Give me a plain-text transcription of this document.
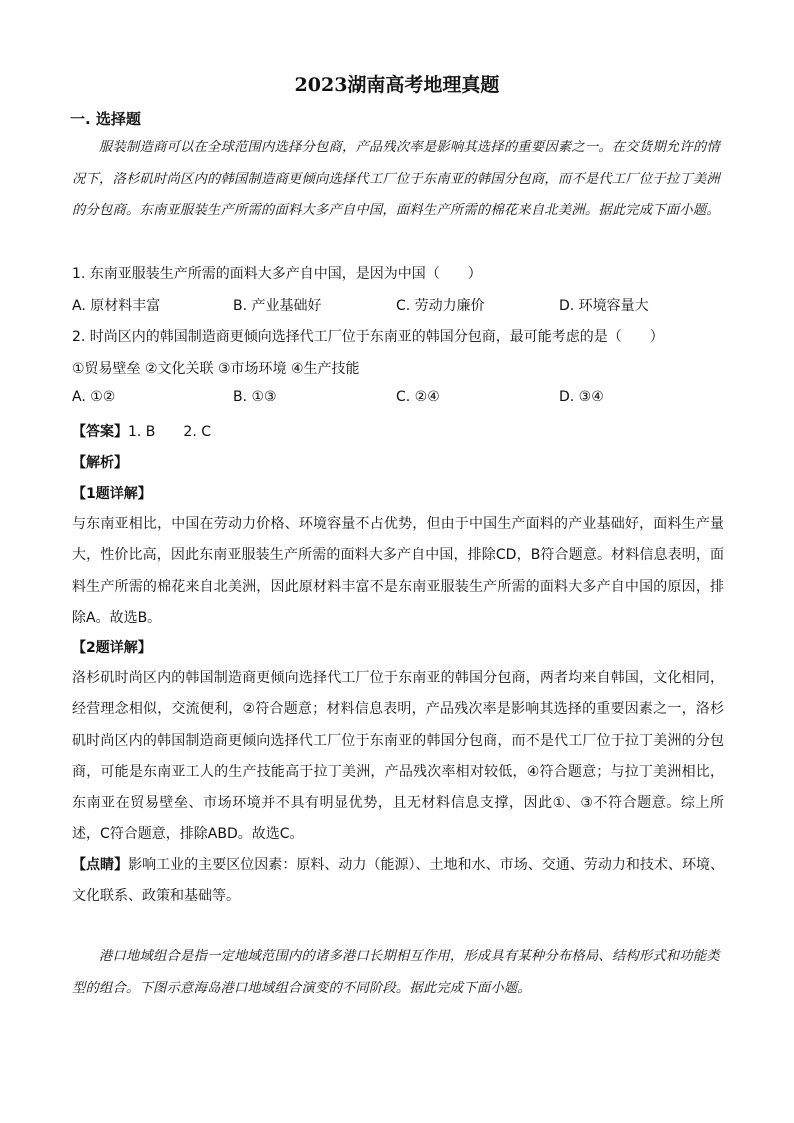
2023湖南高考地理真题
一. 选择题
服装制造商可以在全球范围内选择分包商，产品残次率是影响其选择的重要因素之一。在交货期允许的情况下，洛杉矶时尚区内的韩国制造商更倾向选择代工厂位于东南亚的韩国分包商，而不是代工厂位于拉丁美洲的分包商。东南亚服装生产所需的面料大多产自中国，面料生产所需的棉花来自北美洲。据此完成下面小题。
1. 东南亚服装生产所需的面料大多产自中国，是因为中国（　　）
A. 原材料丰富	B. 产业基础好	C. 劳动力廉价	D. 环境容量大
2. 时尚区内的韩国制造商更倾向选择代工厂位于东南亚的韩国分包商，最可能考虑的是（　　）
①贸易壁垒 ②文化关联 ③市场环境 ④生产技能
A. ①②	B. ①③	C. ②④	D. ③④
【答案】1. B　　2. C
【解析】
【1题详解】
与东南亚相比，中国在劳动力价格、环境容量不占优势，但由于中国生产面料的产业基础好，面料生产量大，性价比高，因此东南亚服装生产所需的面料大多产自中国，排除CD，B符合题意。材料信息表明，面料生产所需的棉花来自北美洲，因此原材料丰富不是东南亚服装生产所需的面料大多产自中国的原因，排除A。故选B。
【2题详解】
洛杉矶时尚区内的韩国制造商更倾向选择代工厂位于东南亚的韩国分包商，两者均来自韩国，文化相同，经营理念相似，交流便利，②符合题意；材料信息表明，产品残次率是影响其选择的重要因素之一，洛杉矶时尚区内的韩国制造商更倾向选择代工厂位于东南亚的韩国分包商，而不是代工厂位于拉丁美洲的分包商，可能是东南亚工人的生产技能高于拉丁美洲，产品残次率相对较低，④符合题意；与拉丁美洲相比，东南亚在贸易壁垒、市场环境并不具有明显优势，且无材料信息支撑，因此①、③不符合题意。综上所述，C符合题意，排除ABD。故选C。
【点睛】影响工业的主要区位因素：原料、动力（能源）、土地和水、市场、交通、劳动力和技术、环境、文化联系、政策和基础等。
港口地域组合是指一定地域范围内的诸多港口长期相互作用，形成具有某种分布格局、结构形式和功能类型的组合。下图示意海岛港口地域组合演变的不同阶段。据此完成下面小题。
